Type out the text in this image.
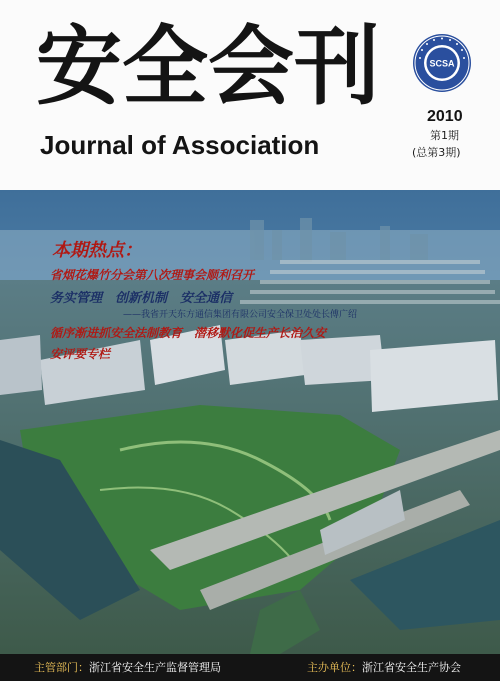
安全会刊
Journal of Association
SCSA
2010
第1期
(总第3期)
本期热点：
省烟花爆竹分会第八次理事会顺利召开
务实管理　创新机制　安全通信
——我省开天东方通信集团有限公司安全保卫处处长傅广绍
循序渐进抓安全法制教育　潜移默化促生产长治久安
安评要专栏
主管部门：浙江省安全生产监督管理局	主办单位：浙江省安全生产协会
